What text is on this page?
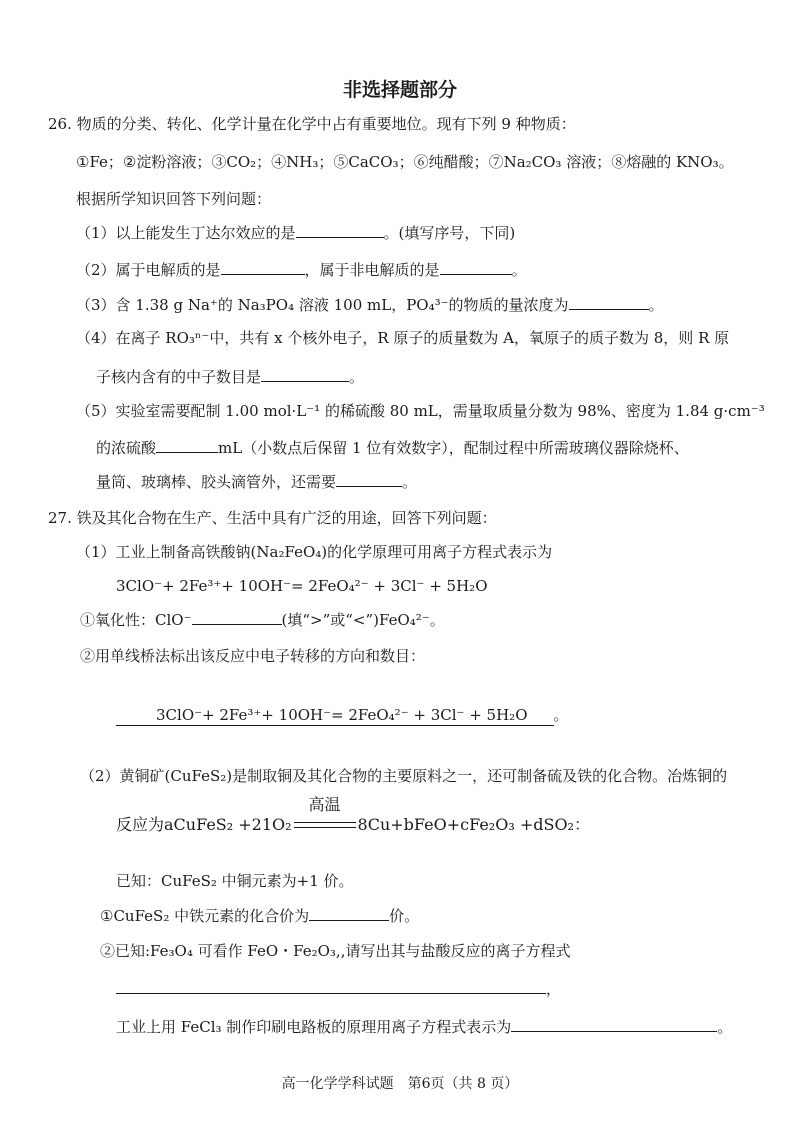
非选择题部分
26. 物质的分类、转化、化学计量在化学中占有重要地位。现有下列 9 种物质：
①Fe；②淀粉溶液；③CO₂；④NH₃；⑤CaCO₃；⑥纯醋酸；⑦Na₂CO₃ 溶液；⑧熔融的 KNO₃。
根据所学知识回答下列问题：
（1）以上能发生丁达尔效应的是	。(填写序号，下同)
（2）属于电解质的是	，属于非电解质的是	。
（3）含 1.38 g Na⁺的 Na₃PO₄ 溶液 100 mL，PO₄³⁻的物质的量浓度为	。
（4）在离子 RO₃ⁿ⁻中，共有 x 个核外电子，R 原子的质量数为 A，氧原子的质子数为 8，则 R 原
子核内含有的中子数目是	。
（5）实验室需要配制 1.00 mol·L⁻¹ 的稀硫酸 80 mL，需量取质量分数为 98%、密度为 1.84 g·cm⁻³
的浓硫酸	mL（小数点后保留 1 位有效数字），配制过程中所需玻璃仪器除烧杯、
量筒、玻璃棒、胶头滴管外，还需要	。
27. 铁及其化合物在生产、生活中具有广泛的用途，回答下列问题：
（1）工业上制备高铁酸钠(Na₂FeO₄)的化学原理可用离子方程式表示为
3ClO⁻+ 2Fe³⁺+ 10OH⁻= 2FeO₄²⁻ + 3Cl⁻ + 5H₂O
①氧化性：ClO⁻	(填“>”或“<”)FeO₄²⁻。
②用单线桥法标出该反应中电子转移的方向和数目：
3ClO⁻+ 2Fe³⁺+ 10OH⁻= 2FeO₄²⁻ + 3Cl⁻ + 5H₂O 。
（2）黄铜矿(CuFeS₂)是制取铜及其化合物的主要原料之一，还可制备硫及铁的化合物。冶炼铜的
反应为aCuFeS₂ +21O₂
高温
8Cu+bFeO+cFe₂O₃ +dSO₂：
已知：CuFeS₂ 中铜元素为+1 价。
①CuFeS₂ 中铁元素的化合价为	价。
②已知:Fe₃O₄ 可看作 FeO・Fe₂O₃,,请写出其与盐酸反应的离子方程式
，
工业上用 FeCl₃ 制作印刷电路板的原理用离子方程式表示为	。
高一化学学科试题　第6页（共 8 页）
